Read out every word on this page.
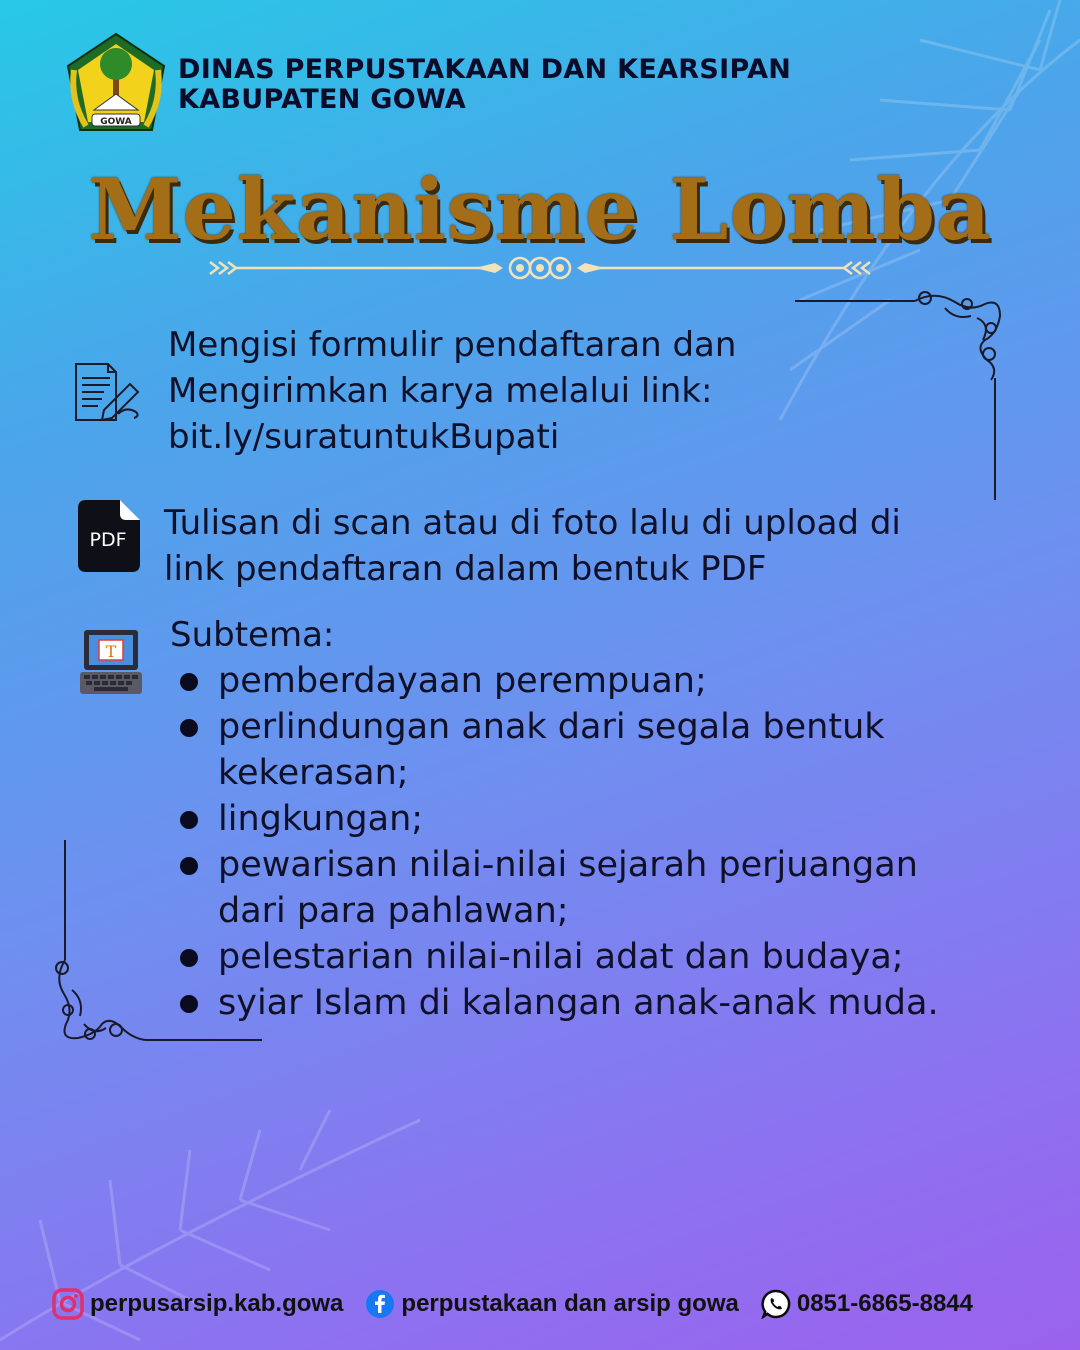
GOWA
DINAS PERPUSTAKAAN DAN KEARSIPAN
KABUPATEN GOWA
Mekanisme Lomba
Mengisi formulir pendaftaran dan
Mengirimkan karya melalui link:
bit.ly/suratuntukBupati
PDF Tulisan di scan atau di foto lalu di upload di
link pendaftaran dalam bentuk PDF
T Subtema:
pemberdayaan perempuan;
perlindungan anak dari segala bentuk
kekerasan;
lingkungan;
pewarisan nilai-nilai sejarah perjuangan
dari para pahlawan;
pelestarian nilai-nilai adat dan budaya;
syiar Islam di kalangan anak-anak muda.
perpusarsip.kab.gowa perpustakaan dan arsip gowa 0851-6865-8844
